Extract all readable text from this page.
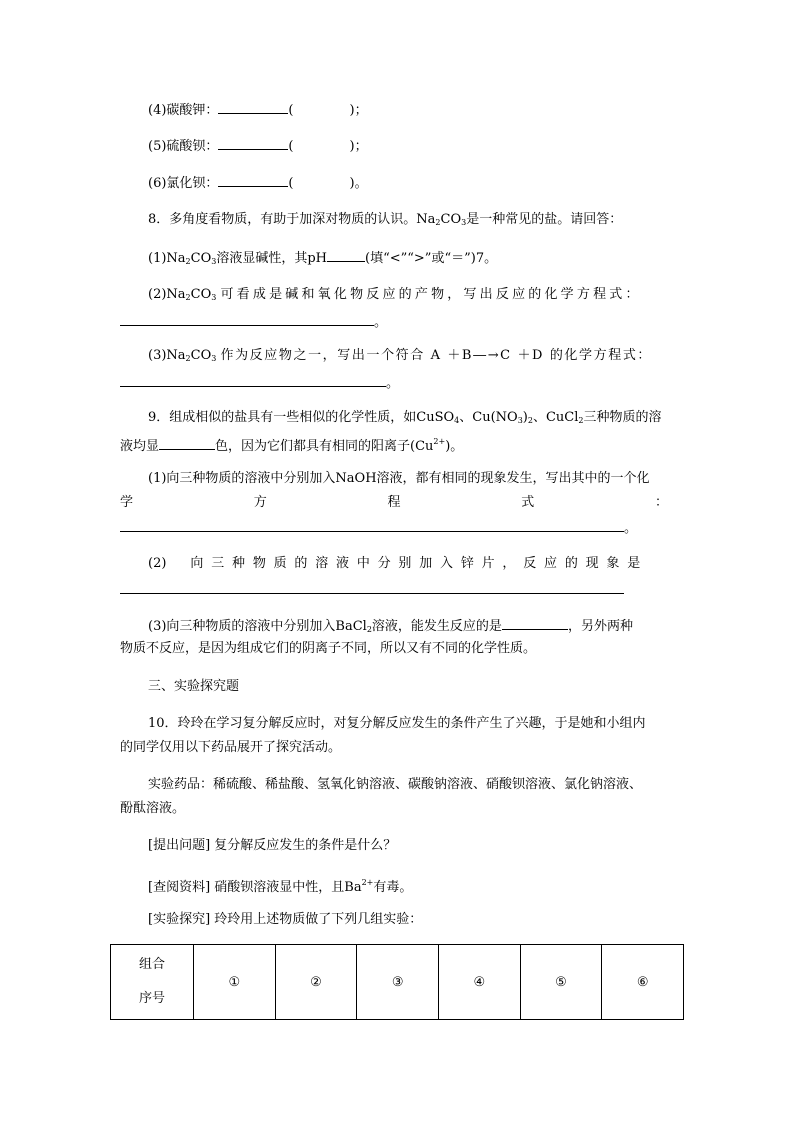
(4)碳酸钾：	(	)；
(5)硫酸钡：	(	)；
(6)氯化钡：	(	)。
8．多角度看物质，有助于加深对物质的认识。$Na_2CO_3$是一种常见的盐。请回答：
$(1)Na_2CO_3$溶液显碱性，其pH	(填“<”“>”或“＝”)7。
$(2)Na_2CO_3$ 可看成是碱和氧化物反应的产物，写出反应的化学方程式：
。
$(3)Na_2CO_3$ 作为反应物之一，写出一个符合 A ＋B―→C ＋D 的化学方程式：
。
9．组成相似的盐具有一些相似的化学性质，如CuSO$_4$、$Cu(NO_3)_2$、CuCl$_2$三种物质的溶
液均显	色，因为它们都具有相同的阳离子$(Cu^{2+})$。
(1)向三种物质的溶液中分别加入NaOH溶液，都有相同的现象发生，写出其中的一个化
学	方	程	式	：
。
(2) 向三种物质的溶液中分别加入锌片，反应的现象是
(3)向三种物质的溶液中分别加入BaCl$_2$溶液，能发生反应的是	，另外两种
物质不反应，是因为组成它们的阴离子不同，所以又有不同的化学性质。
三、实验探究题
10．玲玲在学习复分解反应时，对复分解反应发生的条件产生了兴趣，于是她和小组内
的同学仅用以下药品展开了探究活动。
实验药品：稀硫酸、稀盐酸、氢氧化钠溶液、碳酸钠溶液、硝酸钡溶液、氯化钠溶液、
酚酞溶液。
[提出问题] 复分解反应发生的条件是什么？
[查阅资料] 硝酸钡溶液显中性，且$Ba^{2+}$有毒。
[实验探究] 玲玲用上述物质做了下列几组实验：
组合
序号
	①	②	③	④	⑤	⑥
